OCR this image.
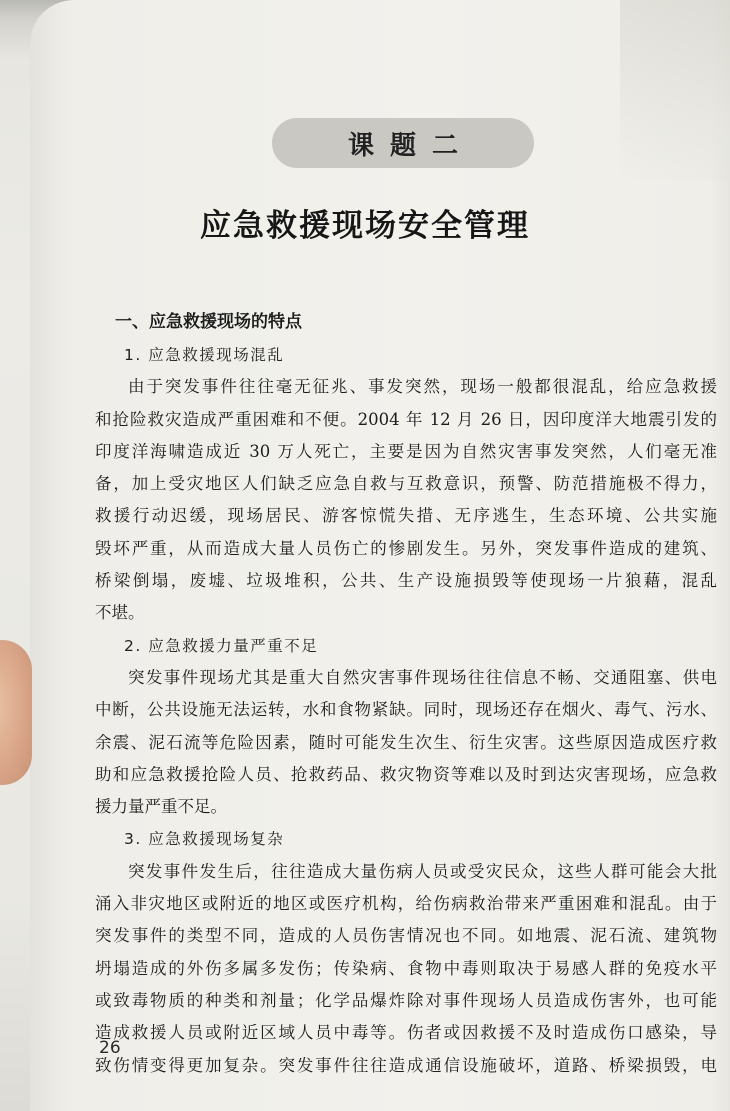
课题二
应急救援现场安全管理
一、应急救援现场的特点
1. 应急救援现场混乱

由于突发事件往往毫无征兆、事发突然，现场一般都很混乱，给应急救援

和抢险救灾造成严重困难和不便。2004 年 12 月 26 日，因印度洋大地震引发的

印度洋海啸造成近 30 万人死亡，主要是因为自然灾害事发突然，人们毫无准

备，加上受灾地区人们缺乏应急自救与互救意识，预警、防范措施极不得力，

救援行动迟缓，现场居民、游客惊慌失措、无序逃生，生态环境、公共实施

毁坏严重，从而造成大量人员伤亡的惨剧发生。另外，突发事件造成的建筑、

桥梁倒塌，废墟、垃圾堆积，公共、生产设施损毁等使现场一片狼藉，混乱

不堪。

2. 应急救援力量严重不足

突发事件现场尤其是重大自然灾害事件现场往往信息不畅、交通阻塞、供电

中断，公共设施无法运转，水和食物紧缺。同时，现场还存在烟火、毒气、污水、

余震、泥石流等危险因素，随时可能发生次生、衍生灾害。这些原因造成医疗救

助和应急救援抢险人员、抢救药品、救灾物资等难以及时到达灾害现场，应急救

援力量严重不足。

3. 应急救援现场复杂

突发事件发生后，往往造成大量伤病人员或受灾民众，这些人群可能会大批

涌入非灾地区或附近的地区或医疗机构，给伤病救治带来严重困难和混乱。由于

突发事件的类型不同，造成的人员伤害情况也不同。如地震、泥石流、建筑物

坍塌造成的外伤多属多发伤；传染病、食物中毒则取决于易感人群的免疫水平

或致毒物质的种类和剂量；化学品爆炸除对事件现场人员造成伤害外，也可能

造成救援人员或附近区域人员中毒等。伤者或因救援不及时造成伤口感染，导

致伤情变得更加复杂。突发事件往往造成通信设施破坏，道路、桥梁损毁，电

26
